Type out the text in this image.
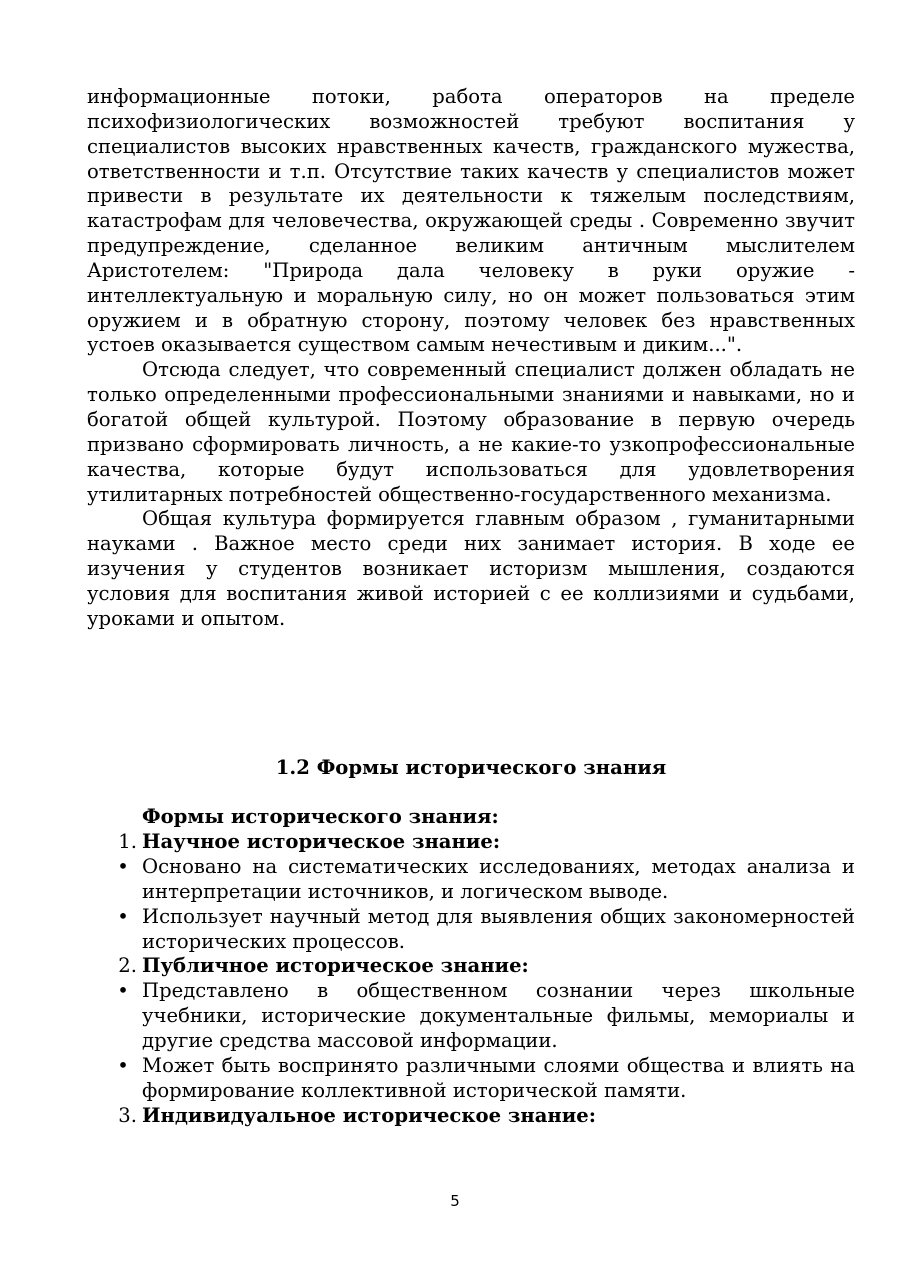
информационные потоки, работа операторов на пределе психофизиологических возможностей требуют воспитания у специалистов высоких нравственных качеств, гражданского мужества, ответственности и т.п. Отсутствие таких качеств у специалистов может привести в результате их деятельности к тяжелым последствиям, катастрофам для человечества, окружающей среды . Современно звучит предупреждение, сделанное великим античным мыслителем Аристотелем: "Природа дала человеку в руки оружие - интеллектуальную и моральную силу, но он может пользоваться этим оружием и в обратную сторону, поэтому человек без нравственных устоев оказывается существом самым нечестивым и диким...".

Отсюда следует, что современный специалист должен обладать не только определенными профессиональными знаниями и навыками, но и богатой общей культурой. Поэтому образование в первую очередь призвано сформировать личность, а не какие-то узкопрофессиональные качества, которые будут использоваться для удовлетворения утилитарных потребностей общественно-государственного механизма.

Общая культура формируется главным образом , гуманитарными науками . Важное место среди них занимает история. В ходе ее изучения у студентов возникает историзм мышления, создаются условия для воспитания живой историей с ее коллизиями и судьбами, уроками и опытом.

1.2 Формы исторического знания

Формы исторического знания:

1. Научное историческое знание:
• Основано на систематических исследованиях, методах анализа и интерпретации источников, и логическом выводе.
• Использует научный метод для выявления общих закономерностей исторических процессов.
2. Публичное историческое знание:
• Представлено в общественном сознании через школьные учебники, исторические документальные фильмы, мемориалы и другие средства массовой информации.
• Может быть воспринято различными слоями общества и влиять на формирование коллективной исторической памяти.
3. Индивидуальное историческое знание:
5
